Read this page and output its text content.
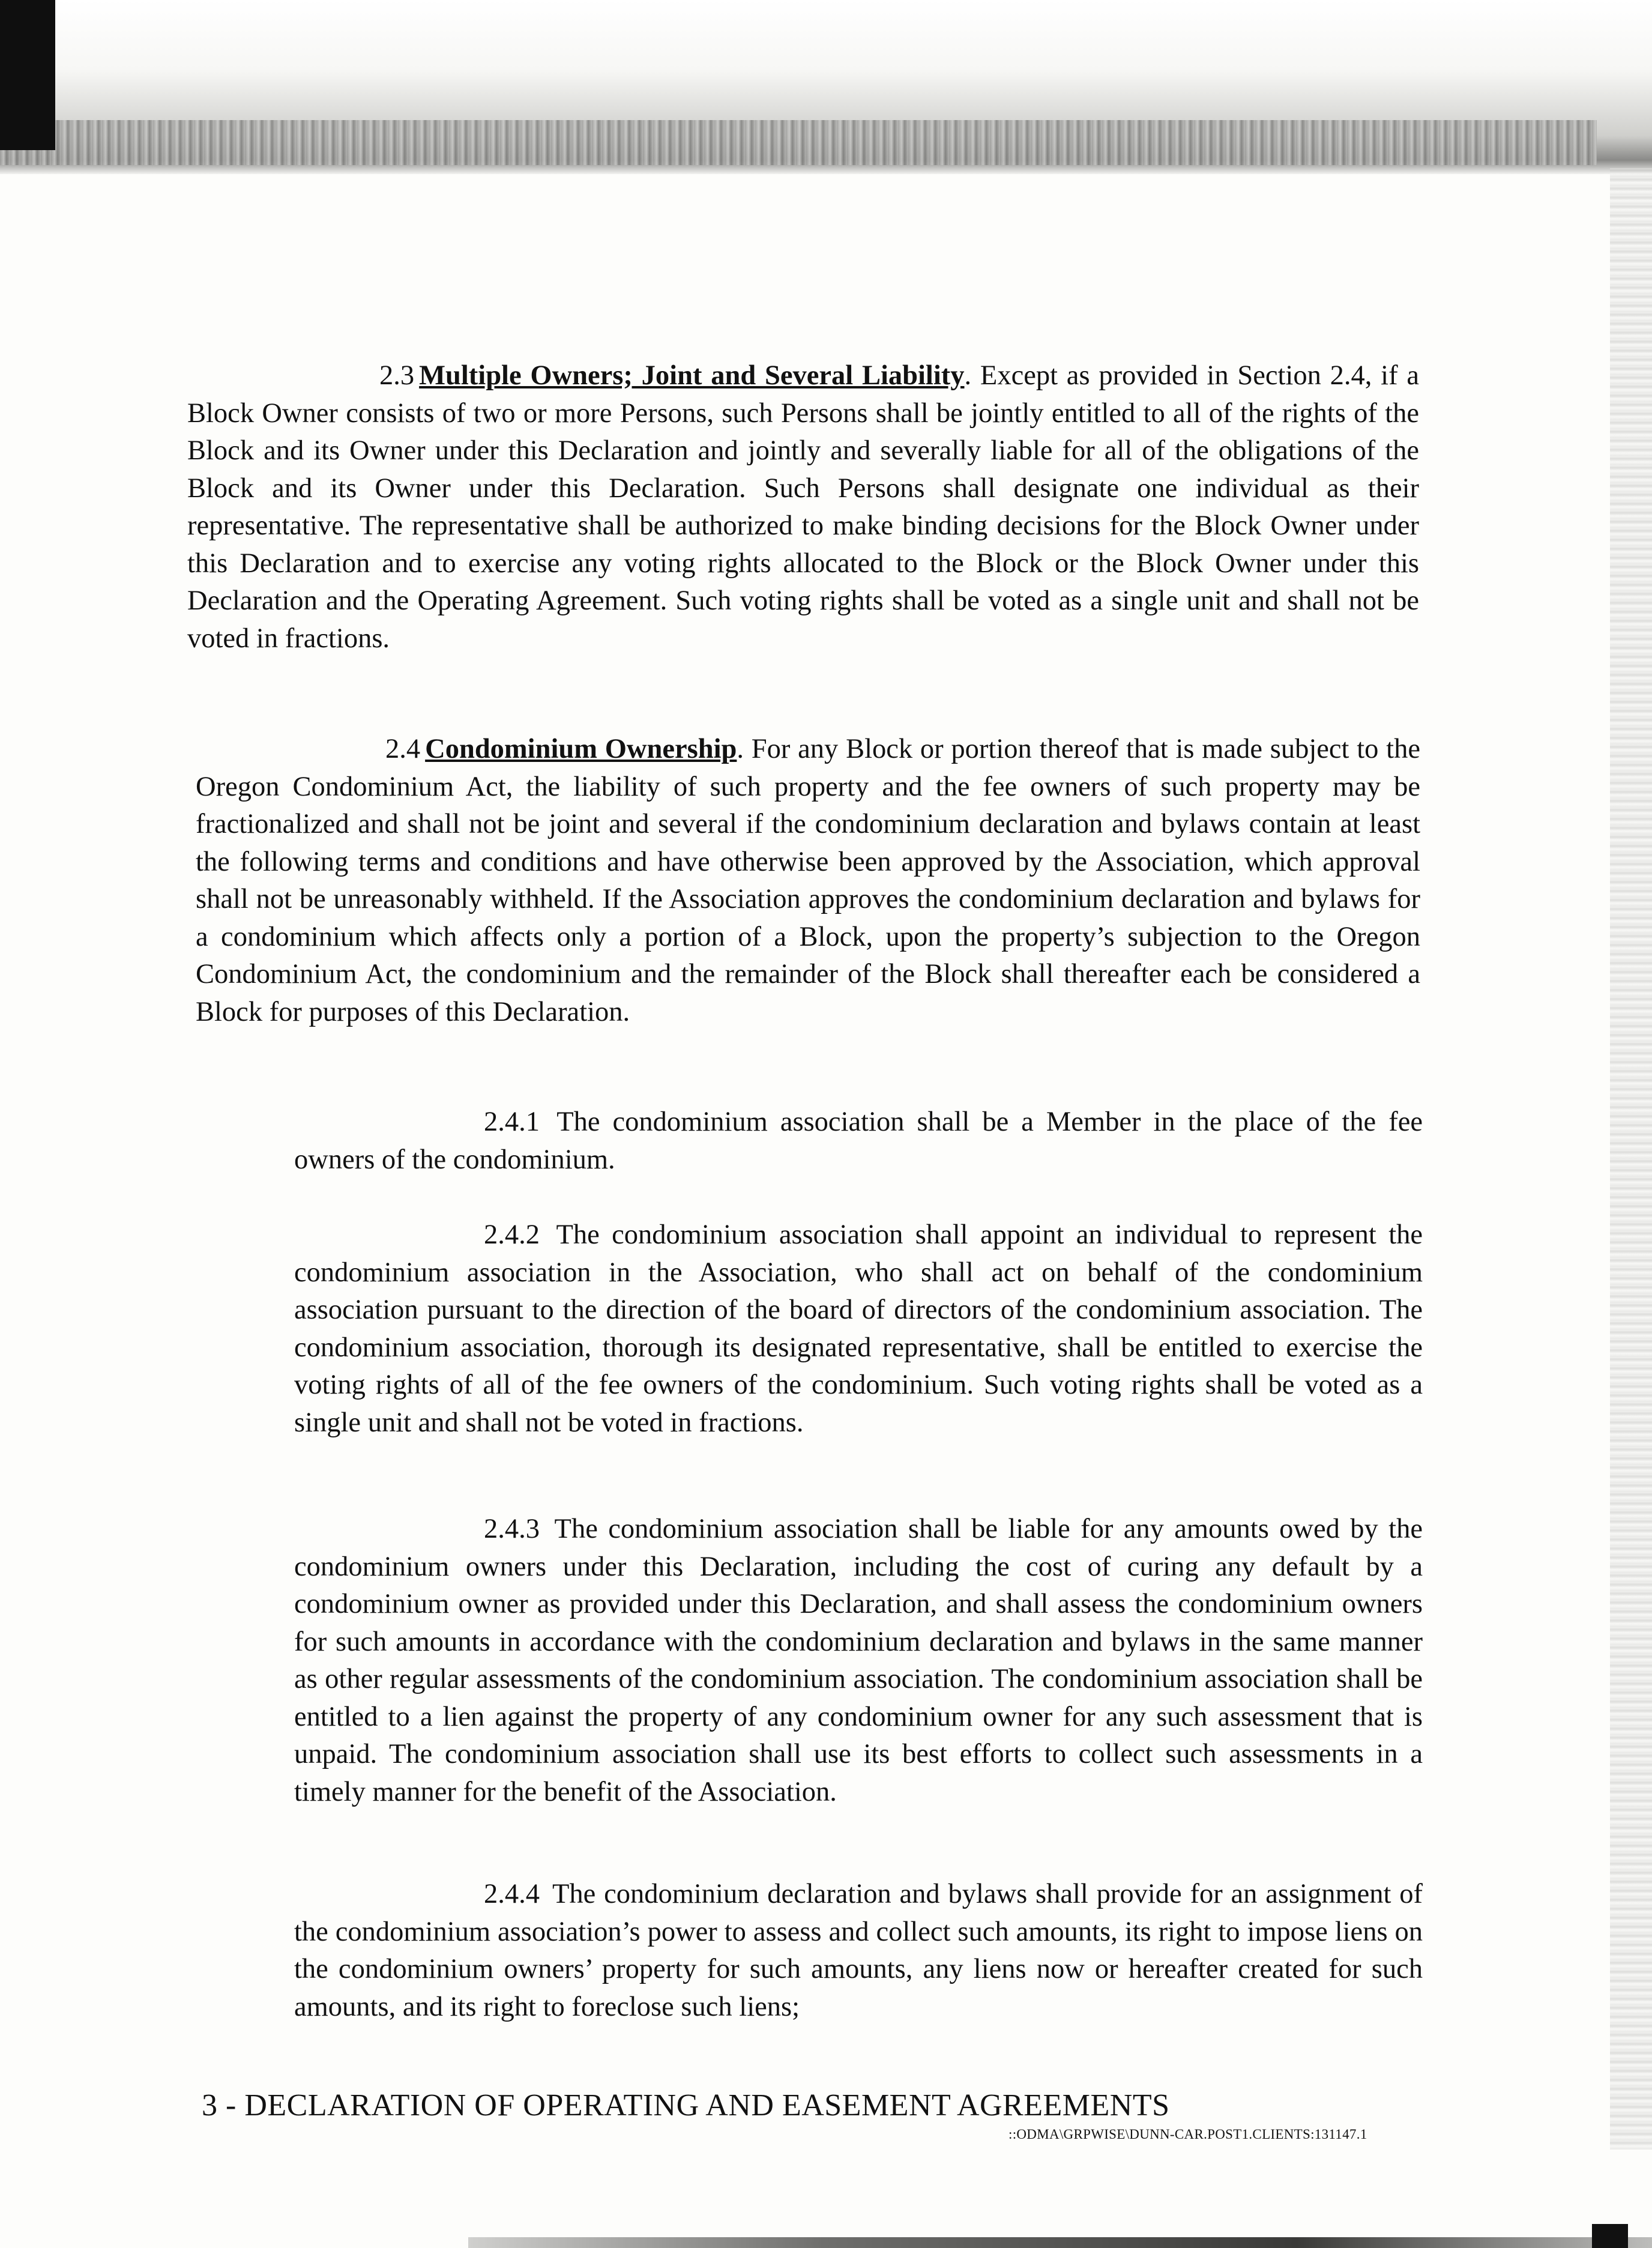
2.3 Multiple Owners; Joint and Several Liability. Except as provided in Section 2.4, if a Block Owner consists of two or more Persons, such Persons shall be jointly entitled to all of the rights of the Block and its Owner under this Declaration and jointly and severally liable for all of the obligations of the Block and its Owner under this Declaration. Such Persons shall designate one individual as their representative. The representative shall be authorized to make binding decisions for the Block Owner under this Declaration and to exercise any voting rights allocated to the Block or the Block Owner under this Declaration and the Operating Agreement. Such voting rights shall be voted as a single unit and shall not be voted in fractions.

2.4 Condominium Ownership. For any Block or portion thereof that is made subject to the Oregon Condominium Act, the liability of such property and the fee owners of such property may be fractionalized and shall not be joint and several if the condominium declaration and bylaws contain at least the following terms and conditions and have otherwise been approved by the Association, which approval shall not be unreasonably withheld. If the Association approves the condominium declaration and bylaws for a condominium which affects only a portion of a Block, upon the property’s subjection to the Oregon Condominium Act, the condominium and the remainder of the Block shall thereafter each be considered a Block for purposes of this Declaration.

2.4.1 The condominium association shall be a Member in the place of the fee owners of the condominium.

2.4.2 The condominium association shall appoint an individual to represent the condominium association in the Association, who shall act on behalf of the condominium association pursuant to the direction of the board of directors of the condominium association. The condominium association, thorough its designated representative, shall be entitled to exercise the voting rights of all of the fee owners of the condominium. Such voting rights shall be voted as a single unit and shall not be voted in fractions.

2.4.3 The condominium association shall be liable for any amounts owed by the condominium owners under this Declaration, including the cost of curing any default by a condominium owner as provided under this Declaration, and shall assess the condominium owners for such amounts in accordance with the condominium declaration and bylaws in the same manner as other regular assessments of the condominium association. The condominium association shall be entitled to a lien against the property of any condominium owner for any such assessment that is unpaid. The condominium association shall use its best efforts to collect such assessments in a timely manner for the benefit of the Association.

2.4.4 The condominium declaration and bylaws shall provide for an assignment of the condominium association’s power to assess and collect such amounts, its right to impose liens on the condominium owners’ property for such amounts, any liens now or hereafter created for such amounts, and its right to foreclose such liens;

3 - DECLARATION OF OPERATING AND EASEMENT AGREEMENTS
::ODMA\GRPWISE\DUNN-CAR.POST1.CLIENTS:131147.1
